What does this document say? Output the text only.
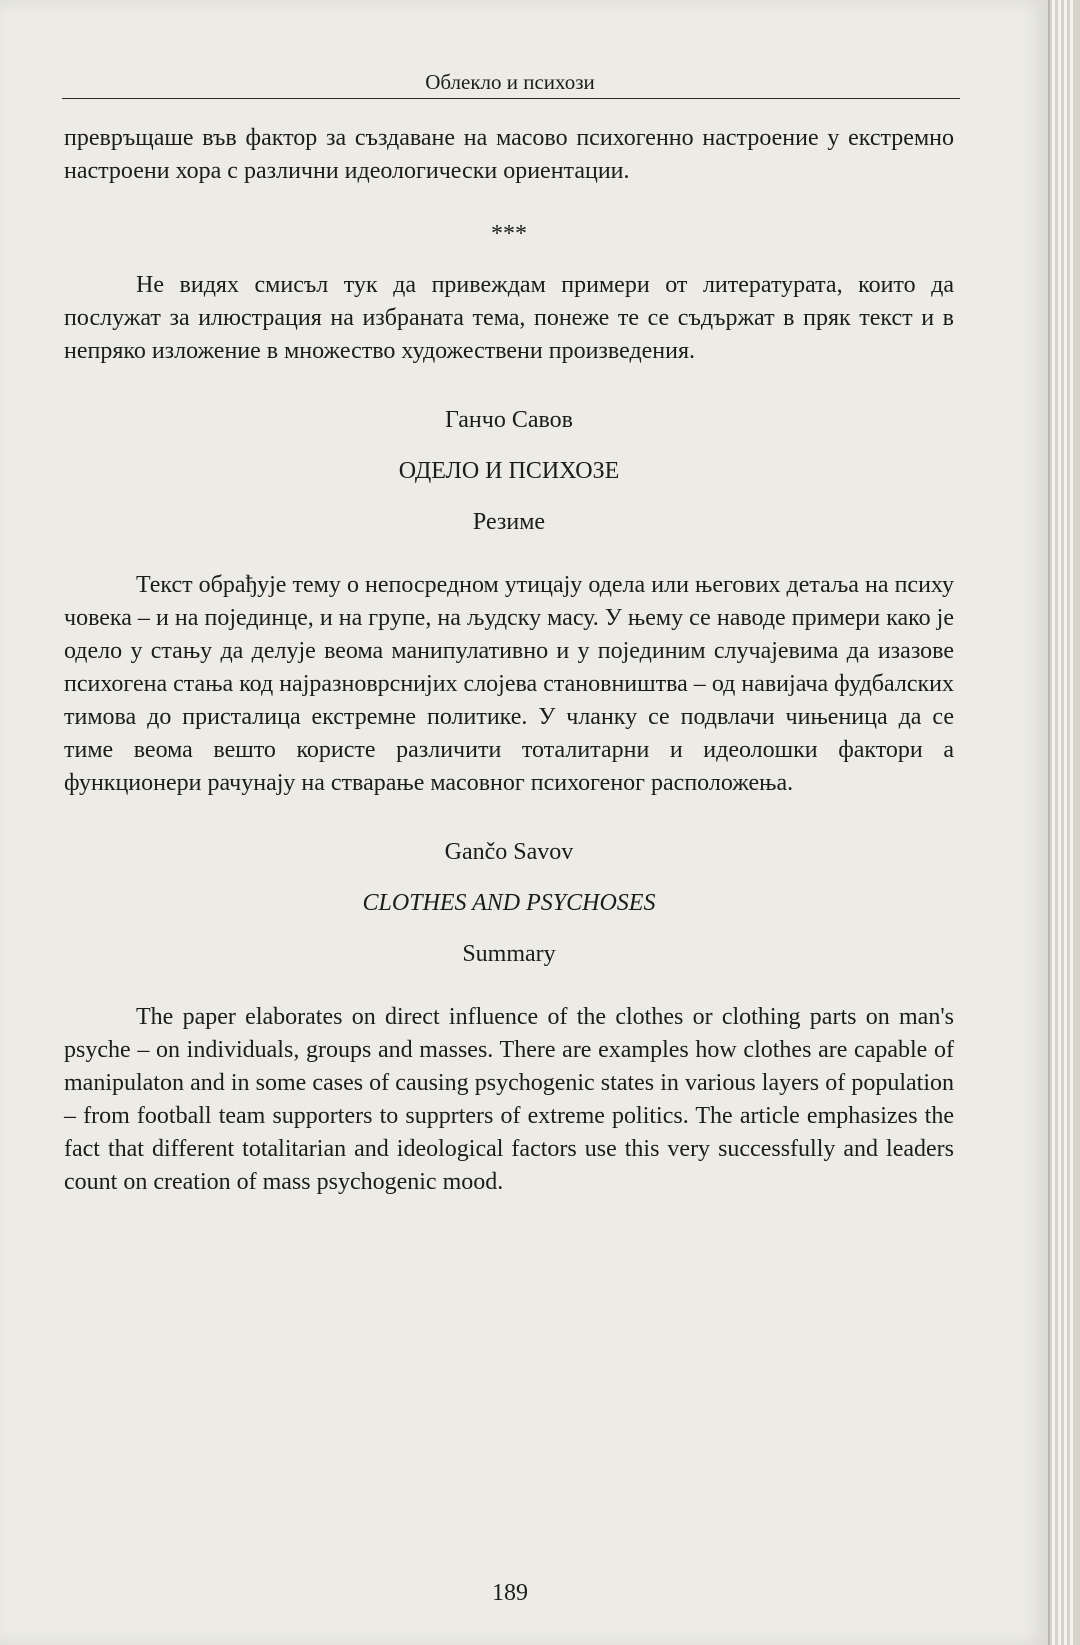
Облекло и психози

превръщаше във фактор за създаване на масово психогенно настроение у екстремно настроени хора с различни идеологически ориентации.

***

Не видях смисъл тук да привеждам примери от литературата, които да послужат за илюстрация на избраната тема, понеже те се съдържат в пряк текст и в непряко изложение в множество художествени произведения.

Ганчо Савов
ОДЕЛО И ПСИХОЗЕ
Резиме

Текст обрађује тему о непосредном утицају одела или његових детаља на психу човека – и на појединце, и на групе, на људску масу. У њему се наводе примери како је одело у стању да делује веома манипулативно и у појединим случајевима да изазове психогена стања код најразноврснијих слојева становништва – од навијача фудбалских тимова до присталица екстремне политике. У чланку се подвлачи чињеница да се тиме веома вешто користе различити тоталитарни и идеолошки фактори а функционери рачунају на стварање масовног психогеног расположења.

Gančo Savov
CLOTHES AND PSYCHOSES
Summary

The paper elaborates on direct influence of the clothes or clothing parts on man's psyche – on individuals, groups and masses. There are examples how clothes are capable of manipulaton and in some cases of causing psychogenic states in various layers of population – from football team supporters to supprters of extreme politics. The article emphasizes the fact that different totalitarian and ideological factors use this very successfully and leaders count on creation of mass psychogenic mood.

189
